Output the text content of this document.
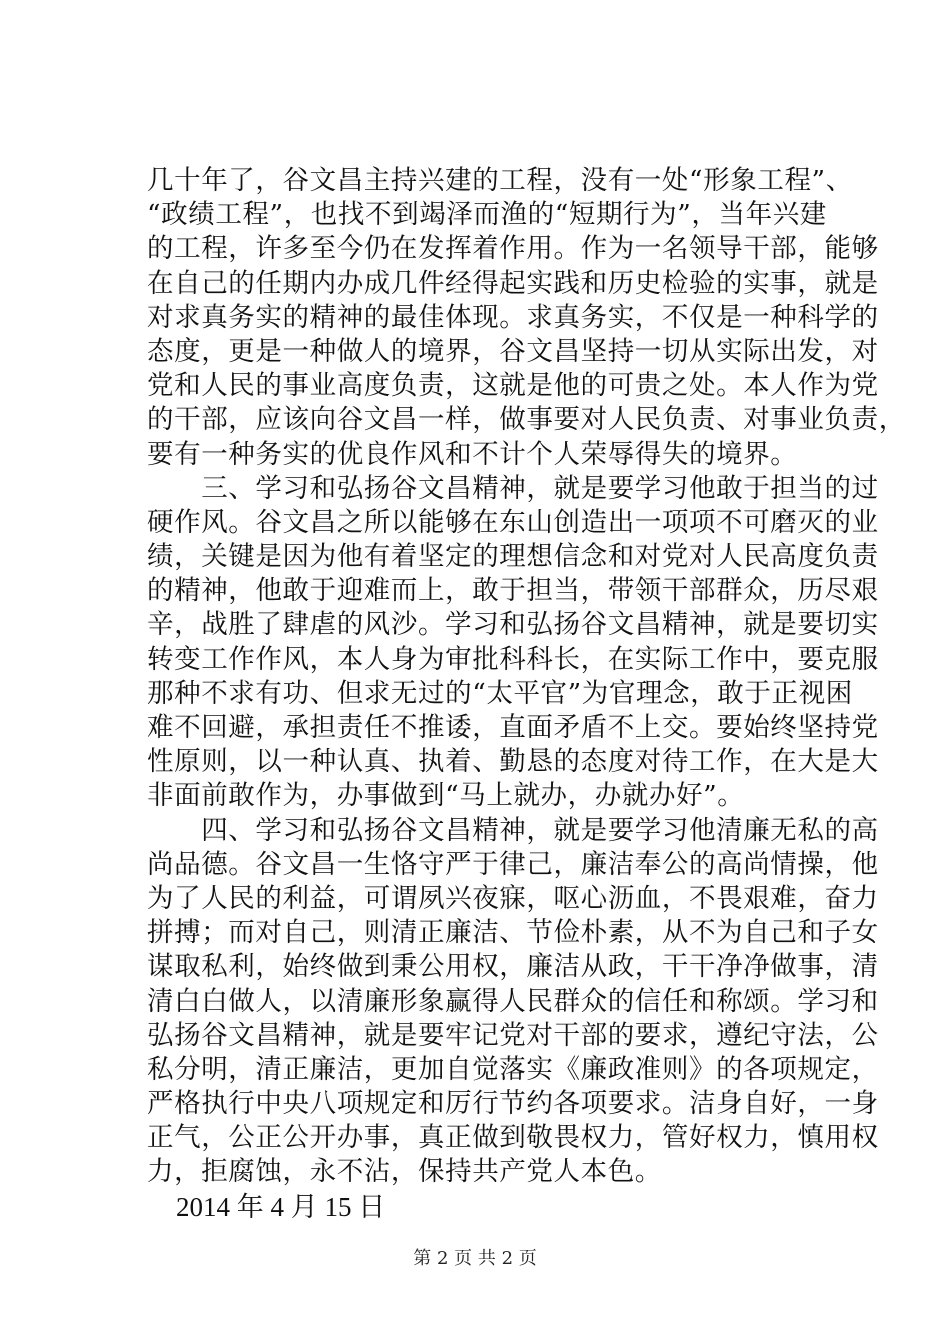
几十年了，谷文昌主持兴建的工程，没有一处“形象工程”、
“政绩工程”，也找不到竭泽而渔的“短期行为”，当年兴建
的工程，许多至今仍在发挥着作用。作为一名领导干部，能够
在自己的任期内办成几件经得起实践和历史检验的实事，就是
对求真务实的精神的最佳体现。求真务实，不仅是一种科学的
态度，更是一种做人的境界，谷文昌坚持一切从实际出发，对
党和人民的事业高度负责，这就是他的可贵之处。本人作为党
的干部，应该向谷文昌一样，做事要对人民负责、对事业负责，
要有一种务实的优良作风和不计个人荣辱得失的境界。
　　三、学习和弘扬谷文昌精神，就是要学习他敢于担当的过
硬作风。谷文昌之所以能够在东山创造出一项项不可磨灭的业
绩，关键是因为他有着坚定的理想信念和对党对人民高度负责
的精神，他敢于迎难而上，敢于担当，带领干部群众，历尽艰
辛，战胜了肆虐的风沙。学习和弘扬谷文昌精神，就是要切实
转变工作作风，本人身为审批科科长，在实际工作中，要克服
那种不求有功、但求无过的“太平官”为官理念，敢于正视困
难不回避，承担责任不推诿，直面矛盾不上交。要始终坚持党
性原则，以一种认真、执着、勤恳的态度对待工作，在大是大
非面前敢作为，办事做到“马上就办，办就办好”。
　　四、学习和弘扬谷文昌精神，就是要学习他清廉无私的高
尚品德。谷文昌一生恪守严于律己，廉洁奉公的高尚情操，他
为了人民的利益，可谓夙兴夜寐，呕心沥血，不畏艰难，奋力
拼搏；而对自己，则清正廉洁、节俭朴素，从不为自己和子女
谋取私利，始终做到秉公用权，廉洁从政，干干净净做事，清
清白白做人，以清廉形象赢得人民群众的信任和称颂。学习和
弘扬谷文昌精神，就是要牢记党对干部的要求，遵纪守法，公
私分明，清正廉洁，更加自觉落实《廉政准则》的各项规定，
严格执行中央八项规定和厉行节约各项要求。洁身自好，一身
正气，公正公开办事，真正做到敬畏权力，管好权力，慎用权
力，拒腐蚀，永不沾，保持共产党人本色。
2014 年 4 月 15 日
第 2 页 共 2 页
